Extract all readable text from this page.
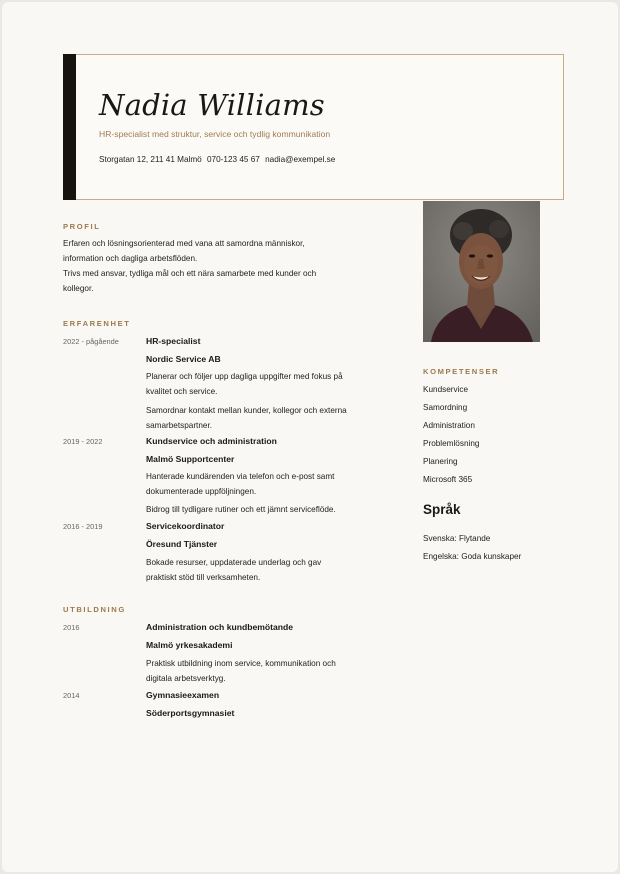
Nadia Williams
HR-specialist med struktur, service och tydlig kommunikation
Storgatan 12, 211 41 Malmö 070-123 45 67 nadia@exempel.se
PROFIL
Erfaren och lösningsorienterad med vana att samordna människor,
information och dagliga arbetsflöden.
Trivs med ansvar, tydliga mål och ett nära samarbete med kunder och
kollegor.
ERFARENHET
2022 - pågående	HR-specialist
Nordic Service AB
Planerar och följer upp dagliga uppgifter med fokus på
kvalitet och service.
Samordnar kontakt mellan kunder, kollegor och externa
samarbetspartner.
2019 - 2022	Kundservice och administration
Malmö Supportcenter
Hanterade kundärenden via telefon och e-post samt
dokumenterade uppföljningen.
Bidrog till tydligare rutiner och ett jämnt serviceflöde.
2016 - 2019	Servicekoordinator
Öresund Tjänster
Bokade resurser, uppdaterade underlag och gav
praktiskt stöd till verksamheten.
UTBILDNING
2016	Administration och kundbemötande
Malmö yrkesakademi
Praktisk utbildning inom service, kommunikation och
digitala arbetsverktyg.
2014	Gymnasieexamen
Söderportsgymnasiet
KOMPETENSER
Kundservice
Samordning
Administration
Problemlösning
Planering
Microsoft 365
Språk
Svenska: Flytande
Engelska: Goda kunskaper
